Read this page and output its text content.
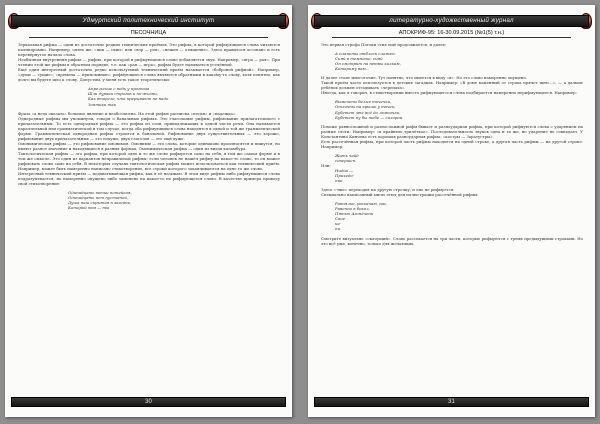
Удмуртский политехнический институт
ПЕСОЧНИЦА

Зеркальная рифма — один из достаточно редких технических приёмов. Это рифма, в которой рифмующиеся слова читаются палиндромно. Например, опять же, «пик — скип» или «вор — ров», «нежен — отмщение». Здесь правилося ассонанс и есть перевёрнутое начало слова.

Необычная внутренняя рифма — рифма, при которой в рифмующемся слове добавляется звук. Например, «игра — рая». При чтении этой же рифмы в обратном порядке, т.е. как «рая — игра», рифма будет называться усечённой.

Ещё один интересный достаточно редко используемый технический приём называется «бобровой рифмой». Например, «дуще — сущие», «времена — припоминан»: рифмующиеся слова являются обратными к какому-то слову, хотя понятно, как долго вы будете шло к слову. Допустим, у меня есть такое теоретически:

Апрельские с ведь у прогноза

Шли дураки строгов и по-жизни,

Как вторгло, что прерывают не надо

Зонтики так

Фраза «а неда оказать» большое явление и неабсолютна. На этой рифме расписка «песня» и «надежда».

Однородные рифмы мы упоминули, говоря о банальных рифмах. Это глагольные рифмы, рифмование прилагательного с прилагательным. То есть однородная рифма — это рифма из слов, принадлежащих к одной части речи. Она называется параллельной или грамматической в том случае, когда оба рифмующихся слова находятся в одной и той же грамматической форме. Грамматическая однородная рифма строится в банальной. Рифмование двух существительных — это хорошо, рифмование двух прилагательных — это похуже, двух глаголов — это ещё хуже.

Омонимическая рифма — это рифмование омонимов. Омонимы — это слова, которые одинаково произносятся и пишутся, но имеют разное значение и находящиеся в разных формах. Омонимическая рифма — один из видов каламбура.

Тавтологическая рифма — это рифма, при которой одно и то же слово рифмуется само на себя, в том же самом форме и в том же смысле. Это один из вариантов неправильной рифмы: если человек не нашёл рифму на какое-то слово, то он может рифмовать слово само на себя. В некоторых случаях тавтологическая рифма может использоваться как технический приём. Например, может быть намеренно написано стихотворение, все строки которого заканчиваются на одно то же слово.

Интересный технический приём — подхватывающая рифма, как я её называю. В этом виде рифмы либо рифмующиеся слова подразумевается, но намеренно опущено либо заменено на какое-то не рифмующееся слово. В качестве примера приведу свой стихотворение:

Одинадцать ветки потейкоя,

Одинадцать пет пустотой,

Душа наш скрытая в загейне,

Которой нам — ты

30
литературно-художественный журнал
АПОКРИФ-95: 16-30.09.2015 (№1(5) т.н.)

Это первая строфа Потоки стих ещё продолжается, и далее:

А планеты отблеск сложен.

Сияй в темноте, сияй

Он смотрит на ветвы колким,

Которому вам...

И далее стоит многоточие. Тут понятно, что имеется в виду «я». Но это слово намеренно опущено.

Такой приём часто используется в детских загадках. Например: «В доме каменный от страха прячет шею…», — а дальше ребёнок должен отгадывать «черепаха».

Иногда, как я говорил, в стихотворении вместо рифмующегося слова подбирается намеренно нерифмующееся. Например:

Вымечены белые точечки,

Отличны на крыше у точек,

Бубетет мне всё до лампочки,

Бубетет пу бы тебе — салорон.

Похоже равносложной и разносложной рифм бывает и разноударная рифма, при которой рифмуются слова с ударением на разные слоги. Например: «в крайнюю трилёткое». Последовательность звуков одна и та же, но ударение не совпадает. У Константина Кинчева есть хорошая разноударная рифма: «костры — Заратустры».

Есть рассечённая рифма, при которой часть рифмы находится на одной строке, а другая часть рифмы — на другой строке. Например:

Жить чайд

совершен.

Или:

Нидоа —

Прихедо-

ние.

Здесь «-ние» переходит на другую строчку, и оно не рифмуется.

Специально написанный мною этюд для иллюстрации рассечённой рифмы:

Равнялко, раскачаю, нас,

Равенно в бокал,

Пятью Агонёчени

Свое

ка-

ни.

Смотрите визуально «скачущий». Слово рассекается на три части, которые рифмуются с тремя предыдущими строками. Но это всё уже, конечно, только для желающих.

31
